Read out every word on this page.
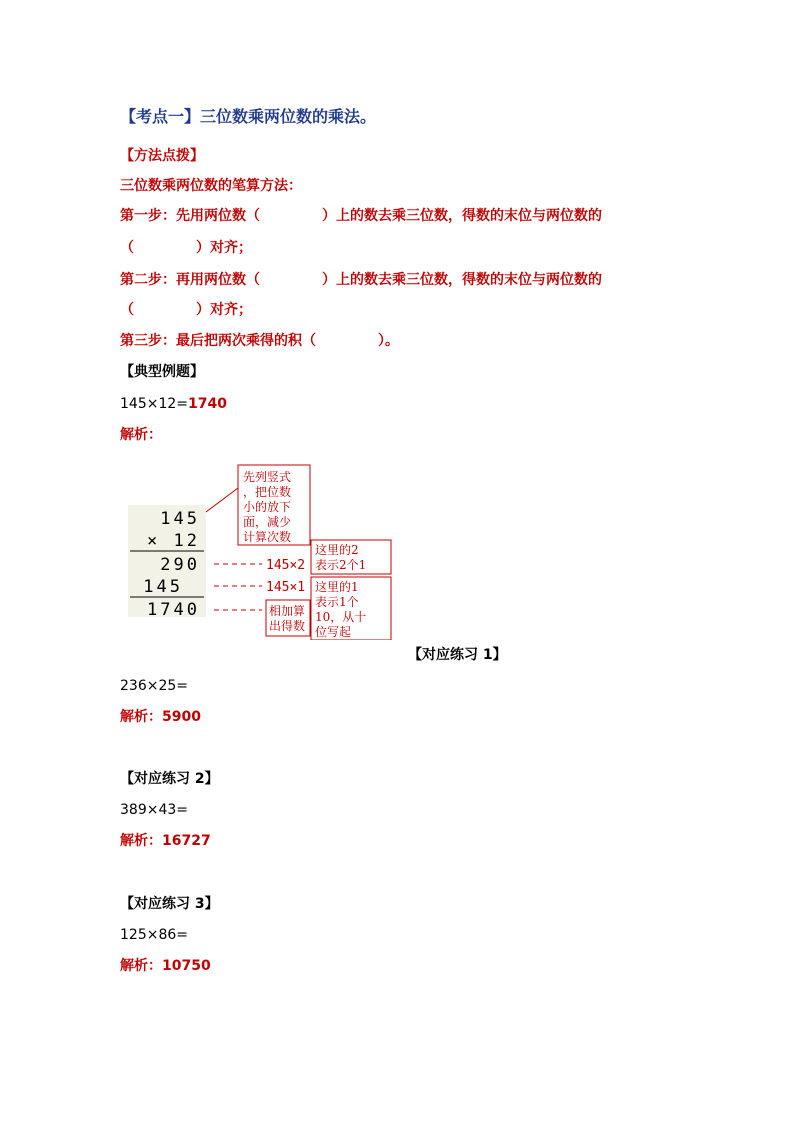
【考点一】三位数乘两位数的乘法。
【方法点拨】
三位数乘两位数的笔算方法：
第一步：先用两位数（	）上的数去乘三位数，得数的末位与两位数的
（	）对齐；
第二步：再用两位数（	）上的数去乘三位数，得数的末位与两位数的
（	）对齐；
第三步：最后把两次乘得的积（	）。
【典型例题】
145×12=1740
解析：
145
× 12
290
145
1740
先列竖式
，把位数
小的放下
面，减少
计算次数
145×2
这里的2
表示2个1
145×1 这里的1
表示1个
10，从十
位写起
相加算
出得数
【对应练习 1】
236×25=
解析：5900
【对应练习 2】
389×43=
解析：16727
【对应练习 3】
125×86=
解析：10750
